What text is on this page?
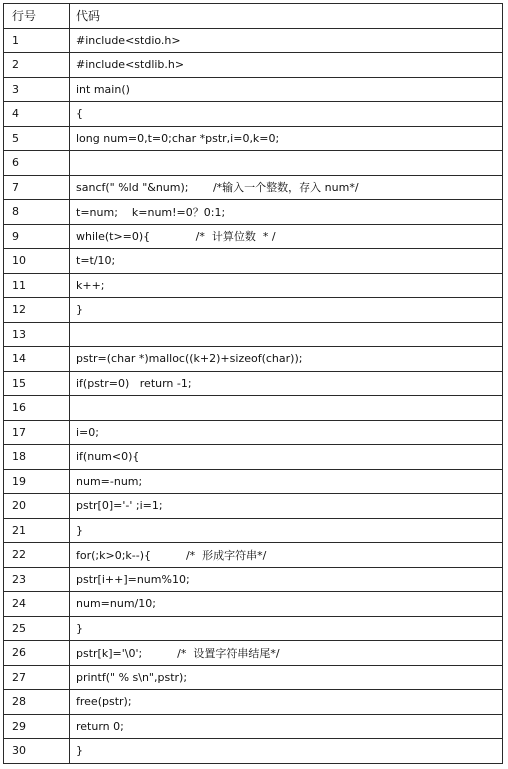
行号	代码
1	#include<stdio.h>
2	#include<stdlib.h>
3	int main()
4	{
5	long num=0,t=0;char *pstr,i=0,k=0;
6	
7	sancf(" %ld "&num);       /*输入一个整数，存入 num*/
8	t=num;    k=num!=0？0:1;
9	while(t>=0){             /*  计算位数  * /
10	t=t/10;
11	k++;
12	}
13	
14	pstr=(char *)malloc((k+2)+sizeof(char));
15	if(pstr=0)   return -1;
16	
17	i=0;
18	if(num<0){
19	num=-num;
20	pstr[0]='-' ;i=1;
21	}
22	for(;k>0;k--){          /*  形成字符串*/
23	pstr[i++]=num%10;
24	num=num/10;
25	}
26	pstr[k]='\0';          /*  设置字符串结尾*/
27	printf(" % s\n",pstr);
28	free(pstr);
29	return 0;
30	}
